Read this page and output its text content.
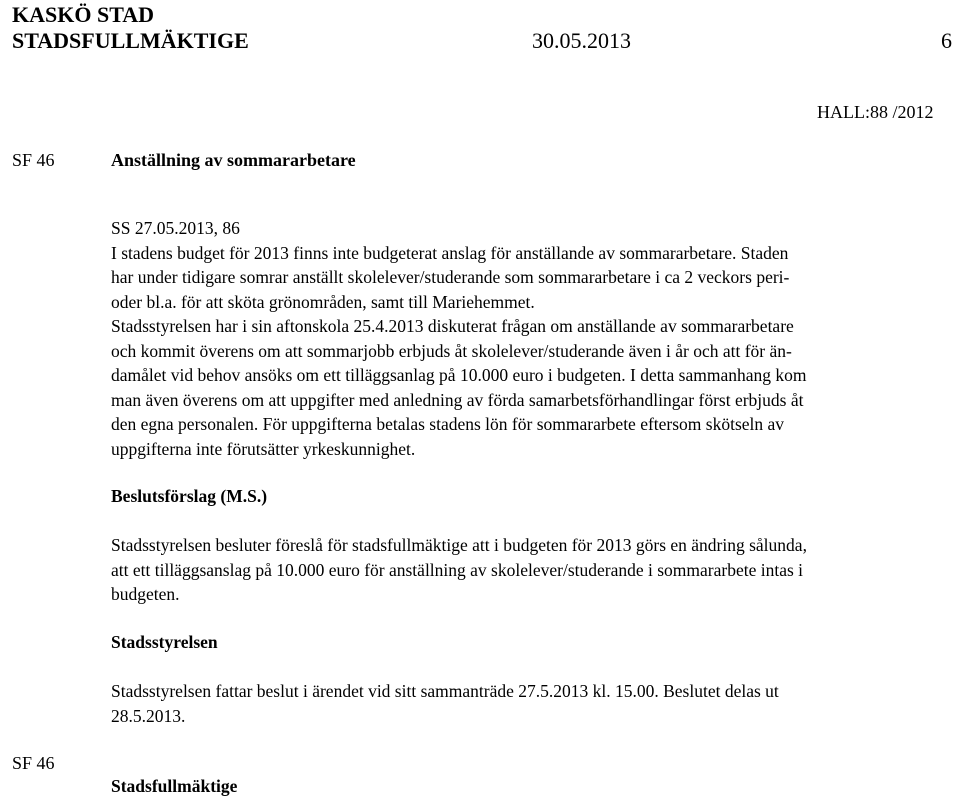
KASKÖ STAD
STADSFULLMÄKTIGE	30.05.2013	6
HALL:88 /2012
SF 46	Anställning av sommararbetare
SS 27.05.2013, 86
I stadens budget för 2013 finns inte budgeterat anslag för anställande av sommararbetare. Staden
har under tidigare somrar anställt skolelever/studerande som sommararbetare i ca 2 veckors peri-
oder bl.a. för att sköta grönområden, samt till Mariehemmet.
Stadsstyrelsen har i sin aftonskola 25.4.2013 diskuterat frågan om anställande av sommararbetare
och kommit överens om att sommarjobb erbjuds åt skolelever/studerande även i år och att för än-
damålet vid behov ansöks om ett tilläggsanlag på 10.000 euro i budgeten. I detta sammanhang kom
man även överens om att uppgifter med anledning av förda samarbetsförhandlingar först erbjuds åt
den egna personalen. För uppgifterna betalas stadens lön för sommararbete eftersom skötseln av
uppgifterna inte förutsätter yrkeskunnighet.
Beslutsförslag (M.S.)
Stadsstyrelsen besluter föreslå för stadsfullmäktige att i budgeten för 2013 görs en ändring sålunda,
att ett tilläggsanslag på 10.000 euro för anställning av skolelever/studerande i sommararbete intas i
budgeten.
Stadsstyrelsen
Stadsstyrelsen fattar beslut i ärendet vid sitt sammanträde 27.5.2013 kl. 15.00. Beslutet delas ut
28.5.2013.
SF 46
Stadsfullmäktige
